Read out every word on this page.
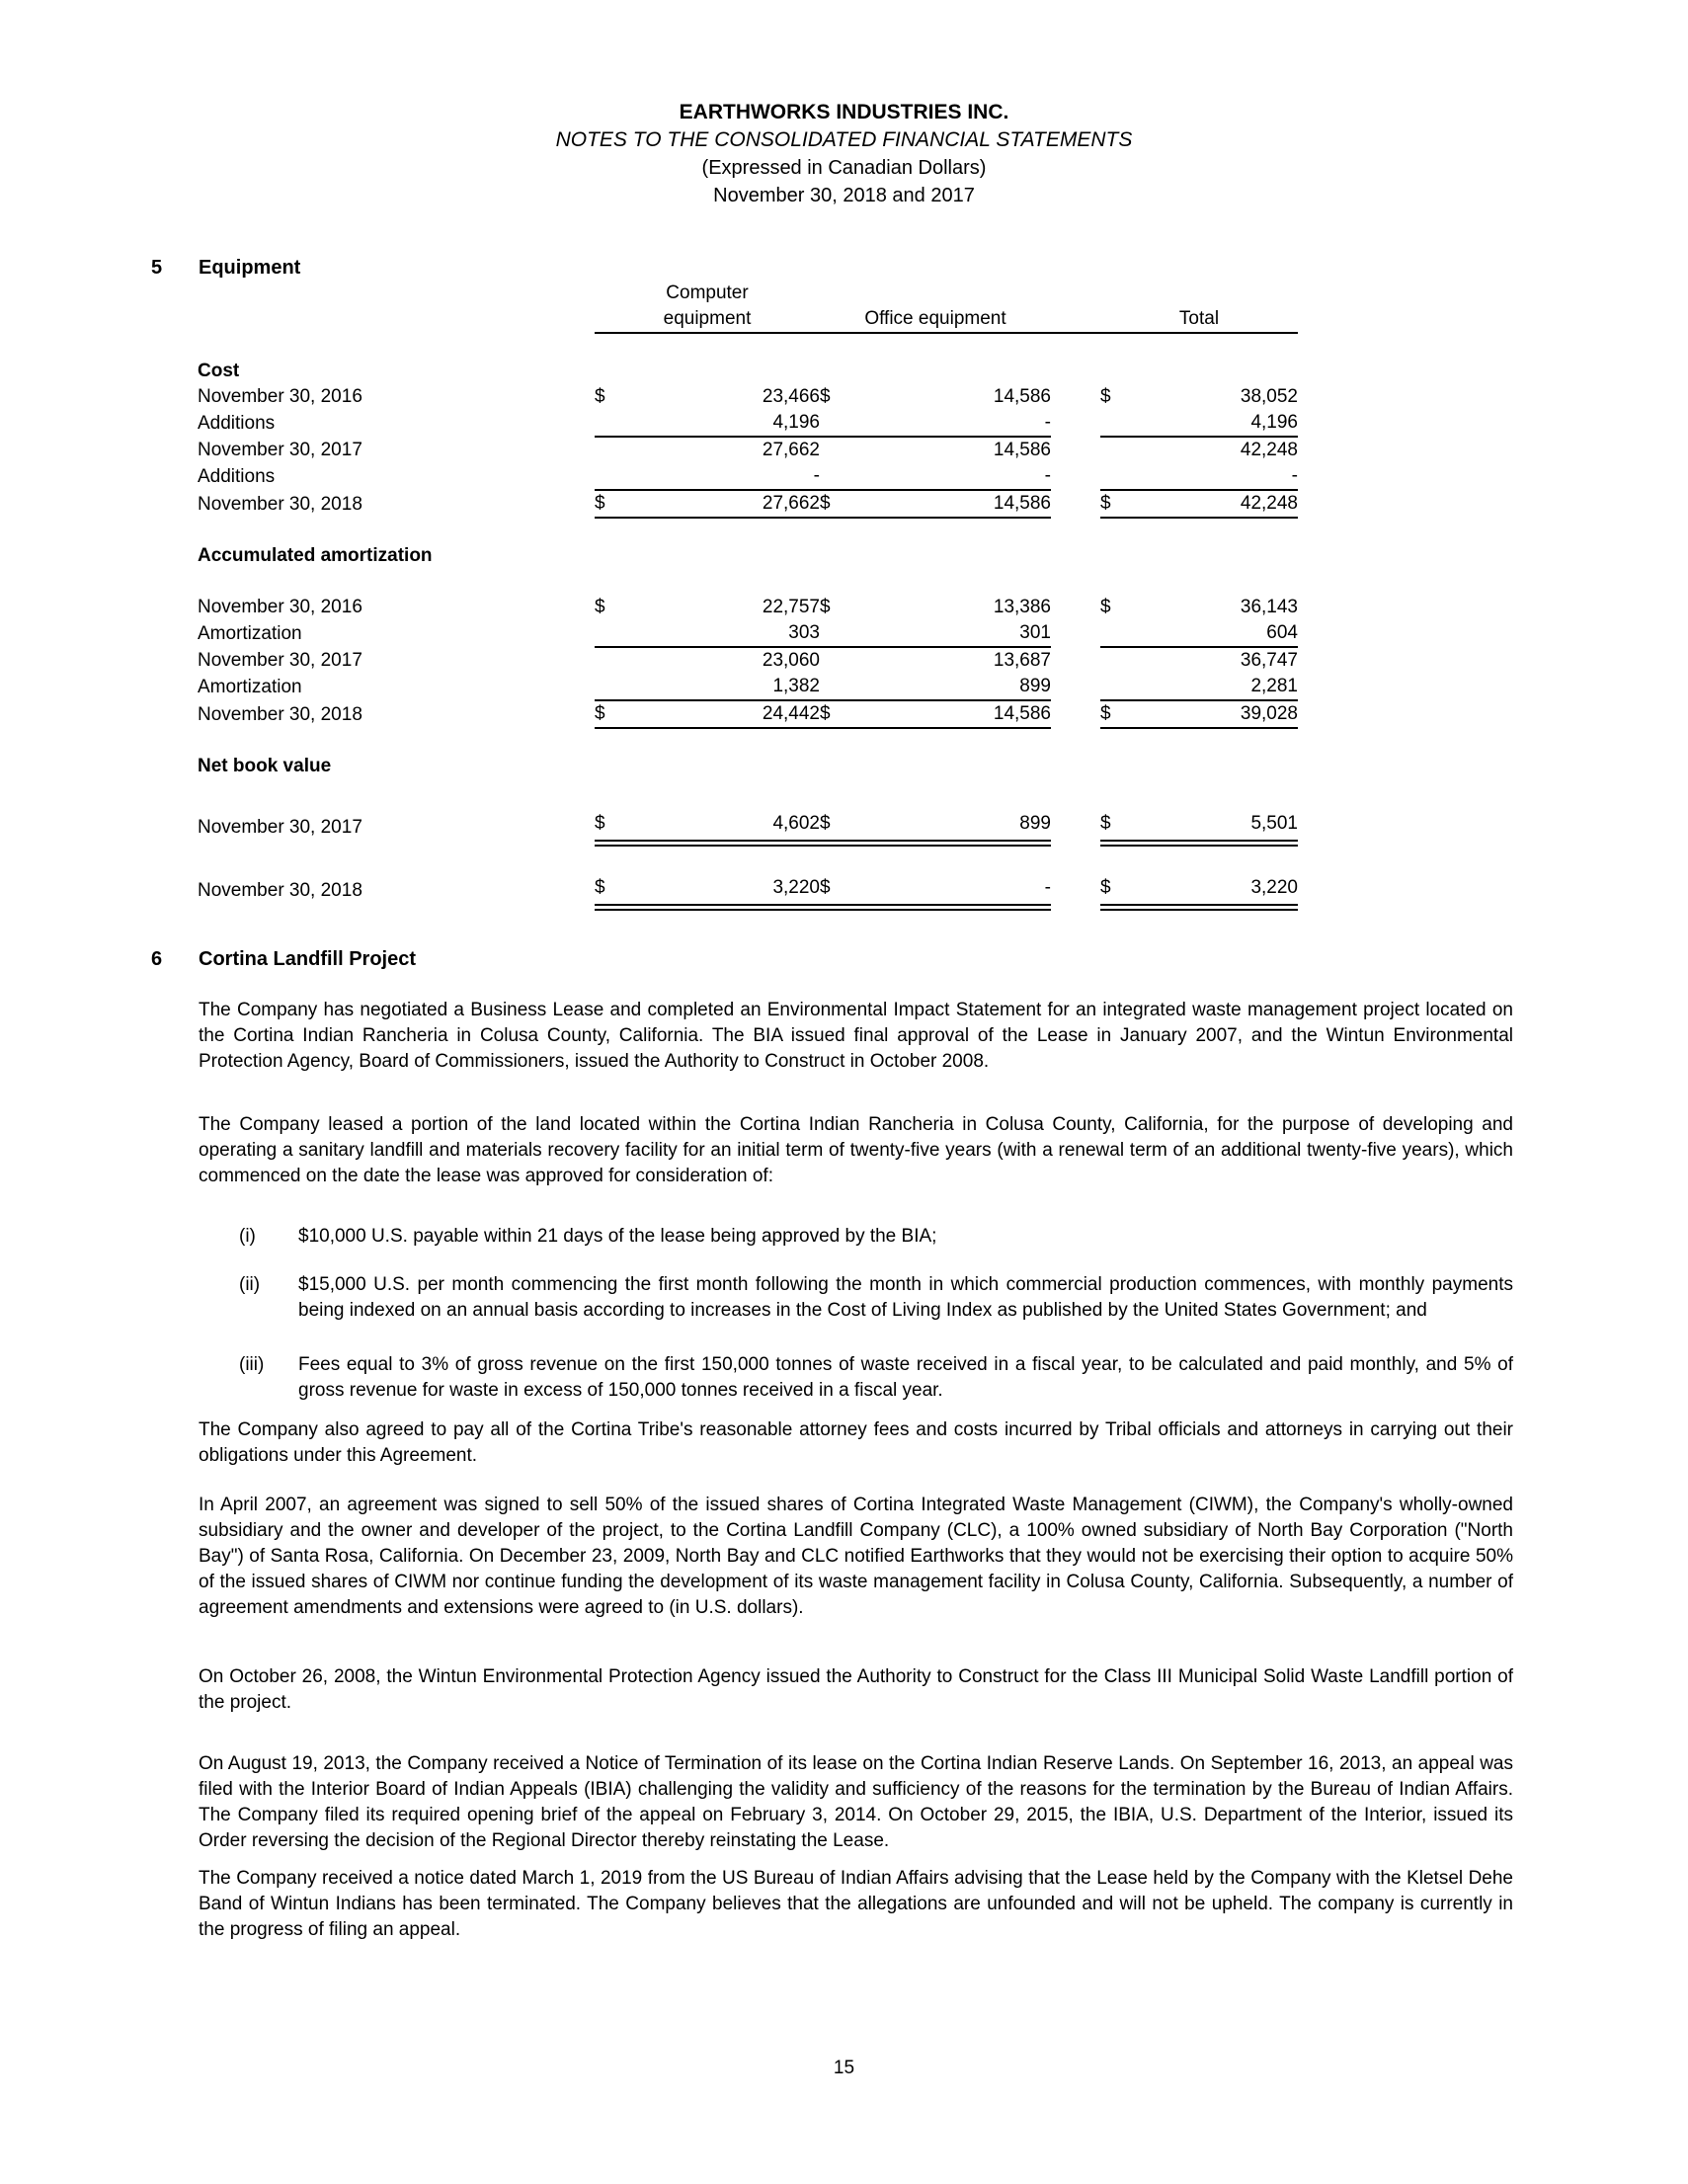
EARTHWORKS INDUSTRIES INC.
NOTES TO THE CONSOLIDATED FINANCIAL STATEMENTS
(Expressed in Canadian Dollars)
November 30, 2018 and 2017
5	Equipment
	Computer						
	equipment		Office equipment			Total	

Cost							
November 30, 2016	$	23,466	$	14,586		$	38,052
Additions		4,196		-			4,196
November 30, 2017		27,662		14,586			42,248
Additions		-		-			-
November 30, 2018	$	27,662	$	14,586		$	42,248

Accumulated amortization							

November 30, 2016	$	22,757	$	13,386		$	36,143
Amortization		303		301			604
November 30, 2017		23,060		13,687			36,747
Amortization		1,382		899			2,281
November 30, 2018	$	24,442	$	14,586		$	39,028

Net book value							

November 30, 2017	$	4,602	$	899		$	5,501

November 30, 2018	$	3,220	$	-		$	3,220
6	Cortina Landfill Project

The Company has negotiated a Business Lease and completed an Environmental Impact Statement for an integrated waste management project located on the Cortina Indian Rancheria in Colusa County, California. The BIA issued final approval of the Lease in January 2007, and the Wintun Environmental Protection Agency, Board of Commissioners, issued the Authority to Construct in October 2008.

The Company leased a portion of the land located within the Cortina Indian Rancheria in Colusa County, California, for the purpose of developing and operating a sanitary landfill and materials recovery facility for an initial term of twenty-five years (with a renewal term of an additional twenty-five years), which commenced on the date the lease was approved for consideration of:

(i)	$10,000 U.S. payable within 21 days of the lease being approved by the BIA;
(ii)	$15,000 U.S. per month commencing the first month following the month in which commercial production commences, with monthly payments being indexed on an annual basis according to increases in the Cost of Living Index as published by the United States Government; and
(iii)	Fees equal to 3% of gross revenue on the first 150,000 tonnes of waste received in a fiscal year, to be calculated and paid monthly, and 5% of gross revenue for waste in excess of 150,000 tonnes received in a fiscal year.

The Company also agreed to pay all of the Cortina Tribe's reasonable attorney fees and costs incurred by Tribal officials and attorneys in carrying out their obligations under this Agreement.

In April 2007, an agreement was signed to sell 50% of the issued shares of Cortina Integrated Waste Management (CIWM), the Company's wholly-owned subsidiary and the owner and developer of the project, to the Cortina Landfill Company (CLC), a 100% owned subsidiary of North Bay Corporation ("North Bay") of Santa Rosa, California. On December 23, 2009, North Bay and CLC notified Earthworks that they would not be exercising their option to acquire 50% of the issued shares of CIWM nor continue funding the development of its waste management facility in Colusa County, California. Subsequently, a number of agreement amendments and extensions were agreed to (in U.S. dollars).

On October 26, 2008, the Wintun Environmental Protection Agency issued the Authority to Construct for the Class III Municipal Solid Waste Landfill portion of the project.

On August 19, 2013, the Company received a Notice of Termination of its lease on the Cortina Indian Reserve Lands. On September 16, 2013, an appeal was filed with the Interior Board of Indian Appeals (IBIA) challenging the validity and sufficiency of the reasons for the termination by the Bureau of Indian Affairs. The Company filed its required opening brief of the appeal on February 3, 2014. On October 29, 2015, the IBIA, U.S. Department of the Interior, issued its Order reversing the decision of the Regional Director thereby reinstating the Lease.

The Company received a notice dated March 1, 2019 from the US Bureau of Indian Affairs advising that the Lease held by the Company with the Kletsel Dehe Band of Wintun Indians has been terminated. The Company believes that the allegations are unfounded and will not be upheld. The company is currently in the progress of filing an appeal.

15
